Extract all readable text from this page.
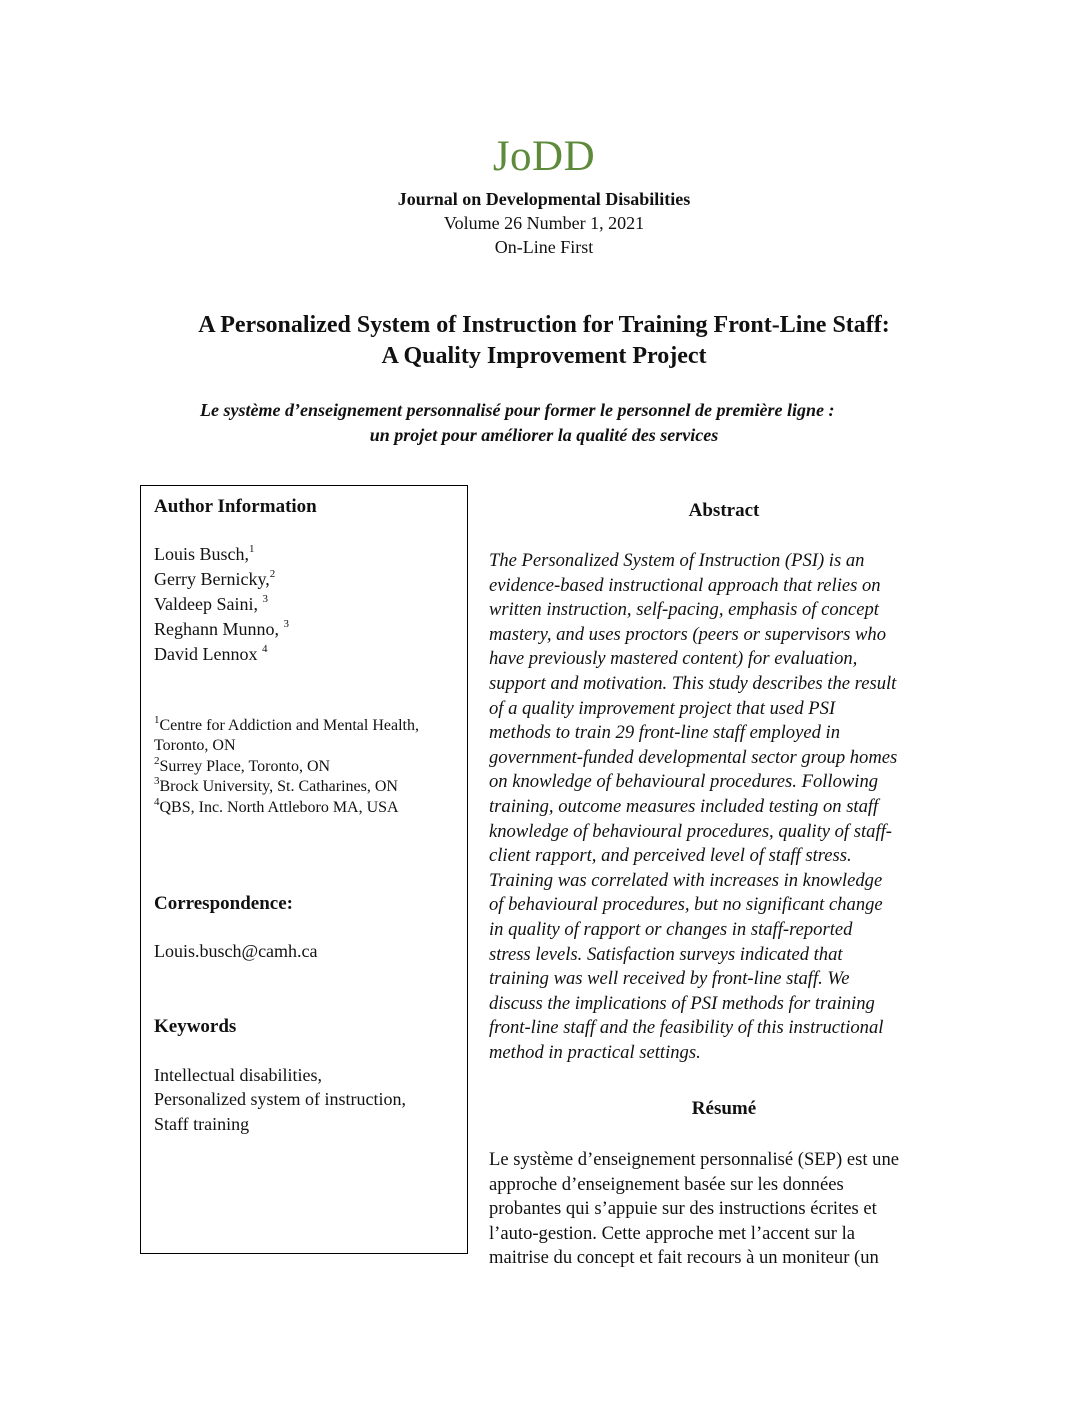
JoDD
Journal on Developmental Disabilities
Volume 26 Number 1, 2021
On-Line First
A Personalized System of Instruction for Training Front-Line Staff:
A Quality Improvement Project
Le système d’enseignement personnalisé pour former le personnel de première ligne :
un projet pour améliorer la qualité des services
Author Information
Louis Busch,$^1$
Gerry Bernicky,$^2$
Valdeep Saini, $^3$
Reghann Munno, $^3$
David Lennox $^4$
$^1$Centre for Addiction and Mental Health,
Toronto, ON
$^2$Surrey Place, Toronto, ON
$^3$Brock University, St. Catharines, ON
$^4$QBS, Inc. North Attleboro MA, USA
Correspondence:
Louis.busch@camh.ca
Keywords
Intellectual disabilities,
Personalized system of instruction,
Staff training
Abstract
The Personalized System of Instruction (PSI) is an
evidence-based instructional approach that relies on
written instruction, self-pacing, emphasis of concept
mastery, and uses proctors (peers or supervisors who
have previously mastered content) for evaluation,
support and motivation. This study describes the result
of a quality improvement project that used PSI
methods to train 29 front-line staff employed in
government-funded developmental sector group homes
on knowledge of behavioural procedures. Following
training, outcome measures included testing on staff
knowledge of behavioural procedures, quality of staff-
client rapport, and perceived level of staff stress.
Training was correlated with increases in knowledge
of behavioural procedures, but no significant change
in quality of rapport or changes in staff-reported
stress levels. Satisfaction surveys indicated that
training was well received by front-line staff. We
discuss the implications of PSI methods for training
front-line staff and the feasibility of this instructional
method in practical settings.
Résumé
Le système d’enseignement personnalisé (SEP) est une
approche d’enseignement basée sur les données
probantes qui s’appuie sur des instructions écrites et
l’auto-gestion. Cette approche met l’accent sur la
maitrise du concept et fait recours à un moniteur (un
